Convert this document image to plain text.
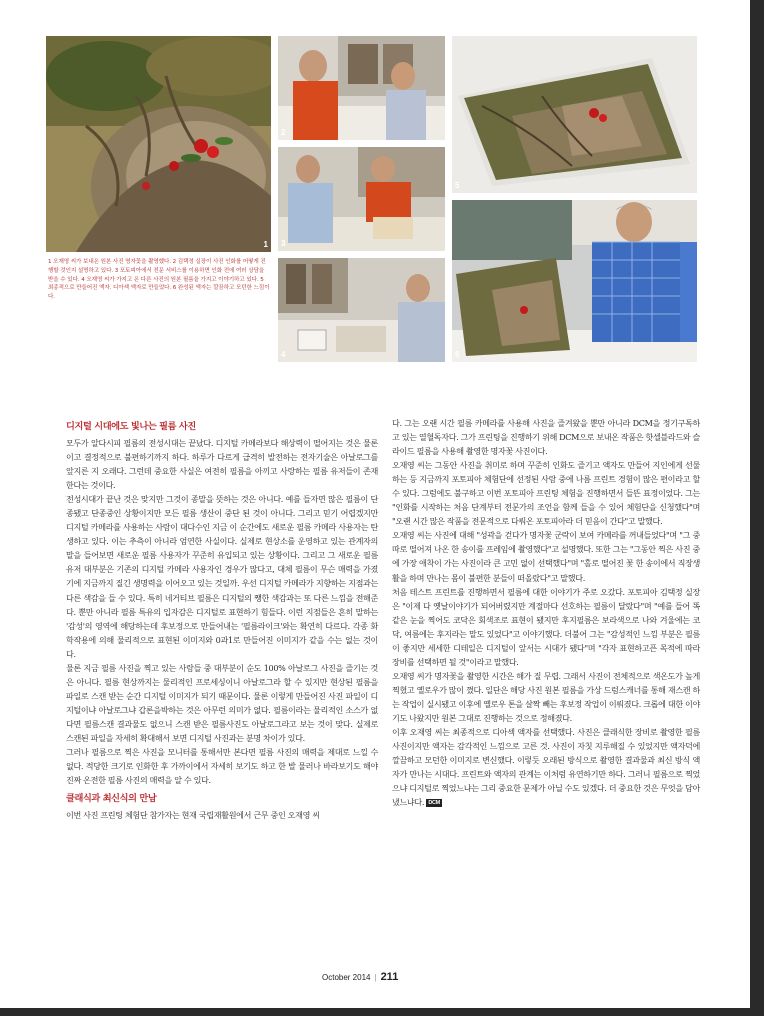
1
2
3
4
5
6
1 오재영 씨가 보내온 원본 사진 명자꽃을 촬영했다. 2 김택정 실장이 사진 인화를 어떻게 진행할 것인지 설명하고 있다. 3 포토피아에서 전문 서비스를 이용하면 인화 전에 여러 상담을 받을 수 있다. 4 오재영 씨가 가지고 온 다른 사진의 원본 필름을 가지고 이야기하고 있다. 5 최종적으로 만들어진 액자. 디아섹 액자로 만들었다. 6 완성된 액자는 깔끔하고 모던한 느낌이다.
디지털 시대에도 빛나는 필름 사진

모두가 알다시피 필름의 전성시대는 끝났다. 디지털 카메라보다 해상력이 떨어지는 것은 물론이고 결정적으로 불편하기까지 하다. 하루가 다르게 급격히 발전하는 전자기술은 아날로그를 앞지른 지 오래다. 그런데 중요한 사실은 여전히 필름을 아끼고 사랑하는 필름 유저들이 존재한다는 것이다.

전성시대가 끝난 것은 맞지만 그것이 종말을 뜻하는 것은 아니다. 예를 들자면 많은 필름이 단종됐고 단종중인 상황이지만 모든 필름 생산이 중단 된 것이 아니다. 그리고 믿기 어렵겠지만 디지털 카메라를 사용하는 사람이 대다수인 지금 이 순간에도 새로운 필름 카메라 사용자는 탄생하고 있다. 이는 추측이 아니라 엄연한 사실이다. 실제로 현상소를 운영하고 있는 관계자의 말을 들어보면 새로운 필름 사용자가 꾸준히 유입되고 있는 상황이다. 그리고 그 새로운 필름 유저 대부분은 기존의 디지털 카메라 사용자인 경우가 많다고, 대체 필름이 무슨 매력을 가졌기에 지금까지 질긴 생명력을 이어오고 있는 것일까. 우선 디지털 카메라가 지향하는 지점과는 다른 색감을 들 수 있다. 특히 네거티브 필름은 디지털의 쨍한 색감과는 또 다른 느낌을 전해준다. 뿐만 아니라 필름 특유의 입자감은 디지털로 표현하기 힘들다. 이런 지점들은 흔히 말하는 '감성'의 영역에 해당하는데 후보정으로 만들어내는 '필름라이크'와는 확연히 다르다. 각종 화학작용에 의해 물리적으로 표현된 이미지와 0과1로 만들어진 이미지가 같을 수는 없는 것이다.

물론 지금 필름 사진을 찍고 있는 사람들 중 대부분이 순도 100% 아날로그 사진을 즐기는 것은 아니다. 필름 현상까지는 물리적인 프로세싱이니 아날로그라 할 수 있지만 현상된 필름을 파일로 스캔 받는 순간 디지털 이미지가 되기 때문이다. 물론 이렇게 만들어진 사진 파일이 디지털이냐 아날로그냐 갑론을박하는 것은 아무런 의미가 없다. 필름이라는 물리적인 소스가 없다면 필름스캔 결과물도 없으니 스캔 받은 필름사진도 아날로그라고 보는 것이 맞다. 실제로 스캔된 파일을 자세히 확대해서 보면 디지털 사진과는 분명 차이가 있다.

그러나 필름으로 찍은 사진을 모니터를 통해서만 본다면 필름 사진의 매력을 제대로 느낄 수 없다. 적당한 크기로 인화한 후 가까이에서 자세히 보기도 하고 한 발 물러나 바라보기도 해야 진짜 온전한 필름 사진의 매력을 알 수 있다.

클래식과 최신식의 만남

이번 사진 프린팅 체험단 참가자는 현재 국립재활원에서 근무 중인 오재영 씨

다. 그는 오랜 시간 필름 카메라를 사용해 사진을 즐겨왔을 뿐만 아니라 DCM을 정기구독하고 있는 열혈독자다. 그가 프린팅을 진행하기 위해 DCM으로 보내온 작품은 핫셀블라드와 슬라이드 필름을 사용해 촬영한 명자꽃 사진이다.

오재영 씨는 그동안 사진을 취미로 하며 꾸준히 인화도 즐기고 액자도 만들어 지인에게 선물하는 등 지금까지 포토피아 체험단에 선정된 사람 중에 나름 프린트 경험이 많은 편이라고 할 수 있다. 그럼에도 불구하고 이번 포토피아 프린팅 체험을 진행하면서 들뜬 표정이었다. 그는 "인화를 시작하는 처음 단계부터 전문가의 조언을 함께 들을 수 있어 체험단을 신청했다"며 "오랜 시간 많은 작품을 전문적으로 다뤄온 포토피아라 더 믿음이 간다"고 말했다.

오재영 씨는 사진에 대해 "성곽을 걷다가 명자꽃 군락이 보여 카메라를 꺼내들었다"며 "그 중 따로 떨어져 나온 한 송이를 프레임에 촬영했다"고 설명했다. 또한 그는 "그동안 찍은 사진 중에 가장 애착이 가는 사진이라 큰 고민 없이 선택했다"며 "홀로 떨어진 꽃 한 송이에서 직장생활을 하며 만나는 몸이 불편한 분들이 떠올랐다"고 말했다.

처음 테스트 프린트를 진행하면서 필름에 대한 이야기가 주로 오갔다. 포토피아 김택정 실장은 "이제 다 옛날이야기가 되어버렸지만 계절마다 선호하는 필름이 달랐다"며 "예를 들어 똑같은 눈을 찍어도 코닥은 회색조로 표현이 됐지만 후지필름은 보라색으로 나와 겨울에는 코닥, 여름에는 후지라는 말도 있었다"고 이야기했다. 더불어 그는 "감성적인 느낌 부분은 필름이 좋지만 세세한 디테일은 디지털이 앞서는 시대가 됐다"며 "각자 표현하고픈 목적에 따라 장비를 선택하면 될 것"이라고 말했다.

오재영 씨가 명자꽃을 촬영한 시간은 해가 질 무렵. 그래서 사진이 전체적으로 색온도가 높게 찍혔고 옐로우가 많이 꼈다. 일단은 해당 사진 원본 필름을 가상 드럼스캐너를 통해 재스캔 하는 작업이 실시됐고 이후에 옐로우 톤을 살짝 빼는 후보정 작업이 이뤄졌다. 크롭에 대한 이야기도 나왔지만 원본 그대로 진행하는 것으로 정해졌다.

이후 오재영 씨는 최종적으로 디아섹 액자를 선택했다. 사진은 클래식한 장비로 촬영한 필름 사진이지만 액자는 감각적인 느낌으로 고른 것. 사진이 자칫 지루해질 수 있었지만 액자덕에 깔끔하고 모던한 이미지로 변신했다. 이렇듯 오래된 방식으로 촬영한 결과물과 최신 방식 액자가 만나는 시대다. 프린트와 액자의 관계는 이처럼 유연하기만 하다. 그러니 필름으로 찍었으냐 디지털로 찍었느냐는 그리 중요한 문제가 아닐 수도 있겠다. 더 중요한 것은 무엇을 담아냈느냐다. DCM

October 2014 | 211
